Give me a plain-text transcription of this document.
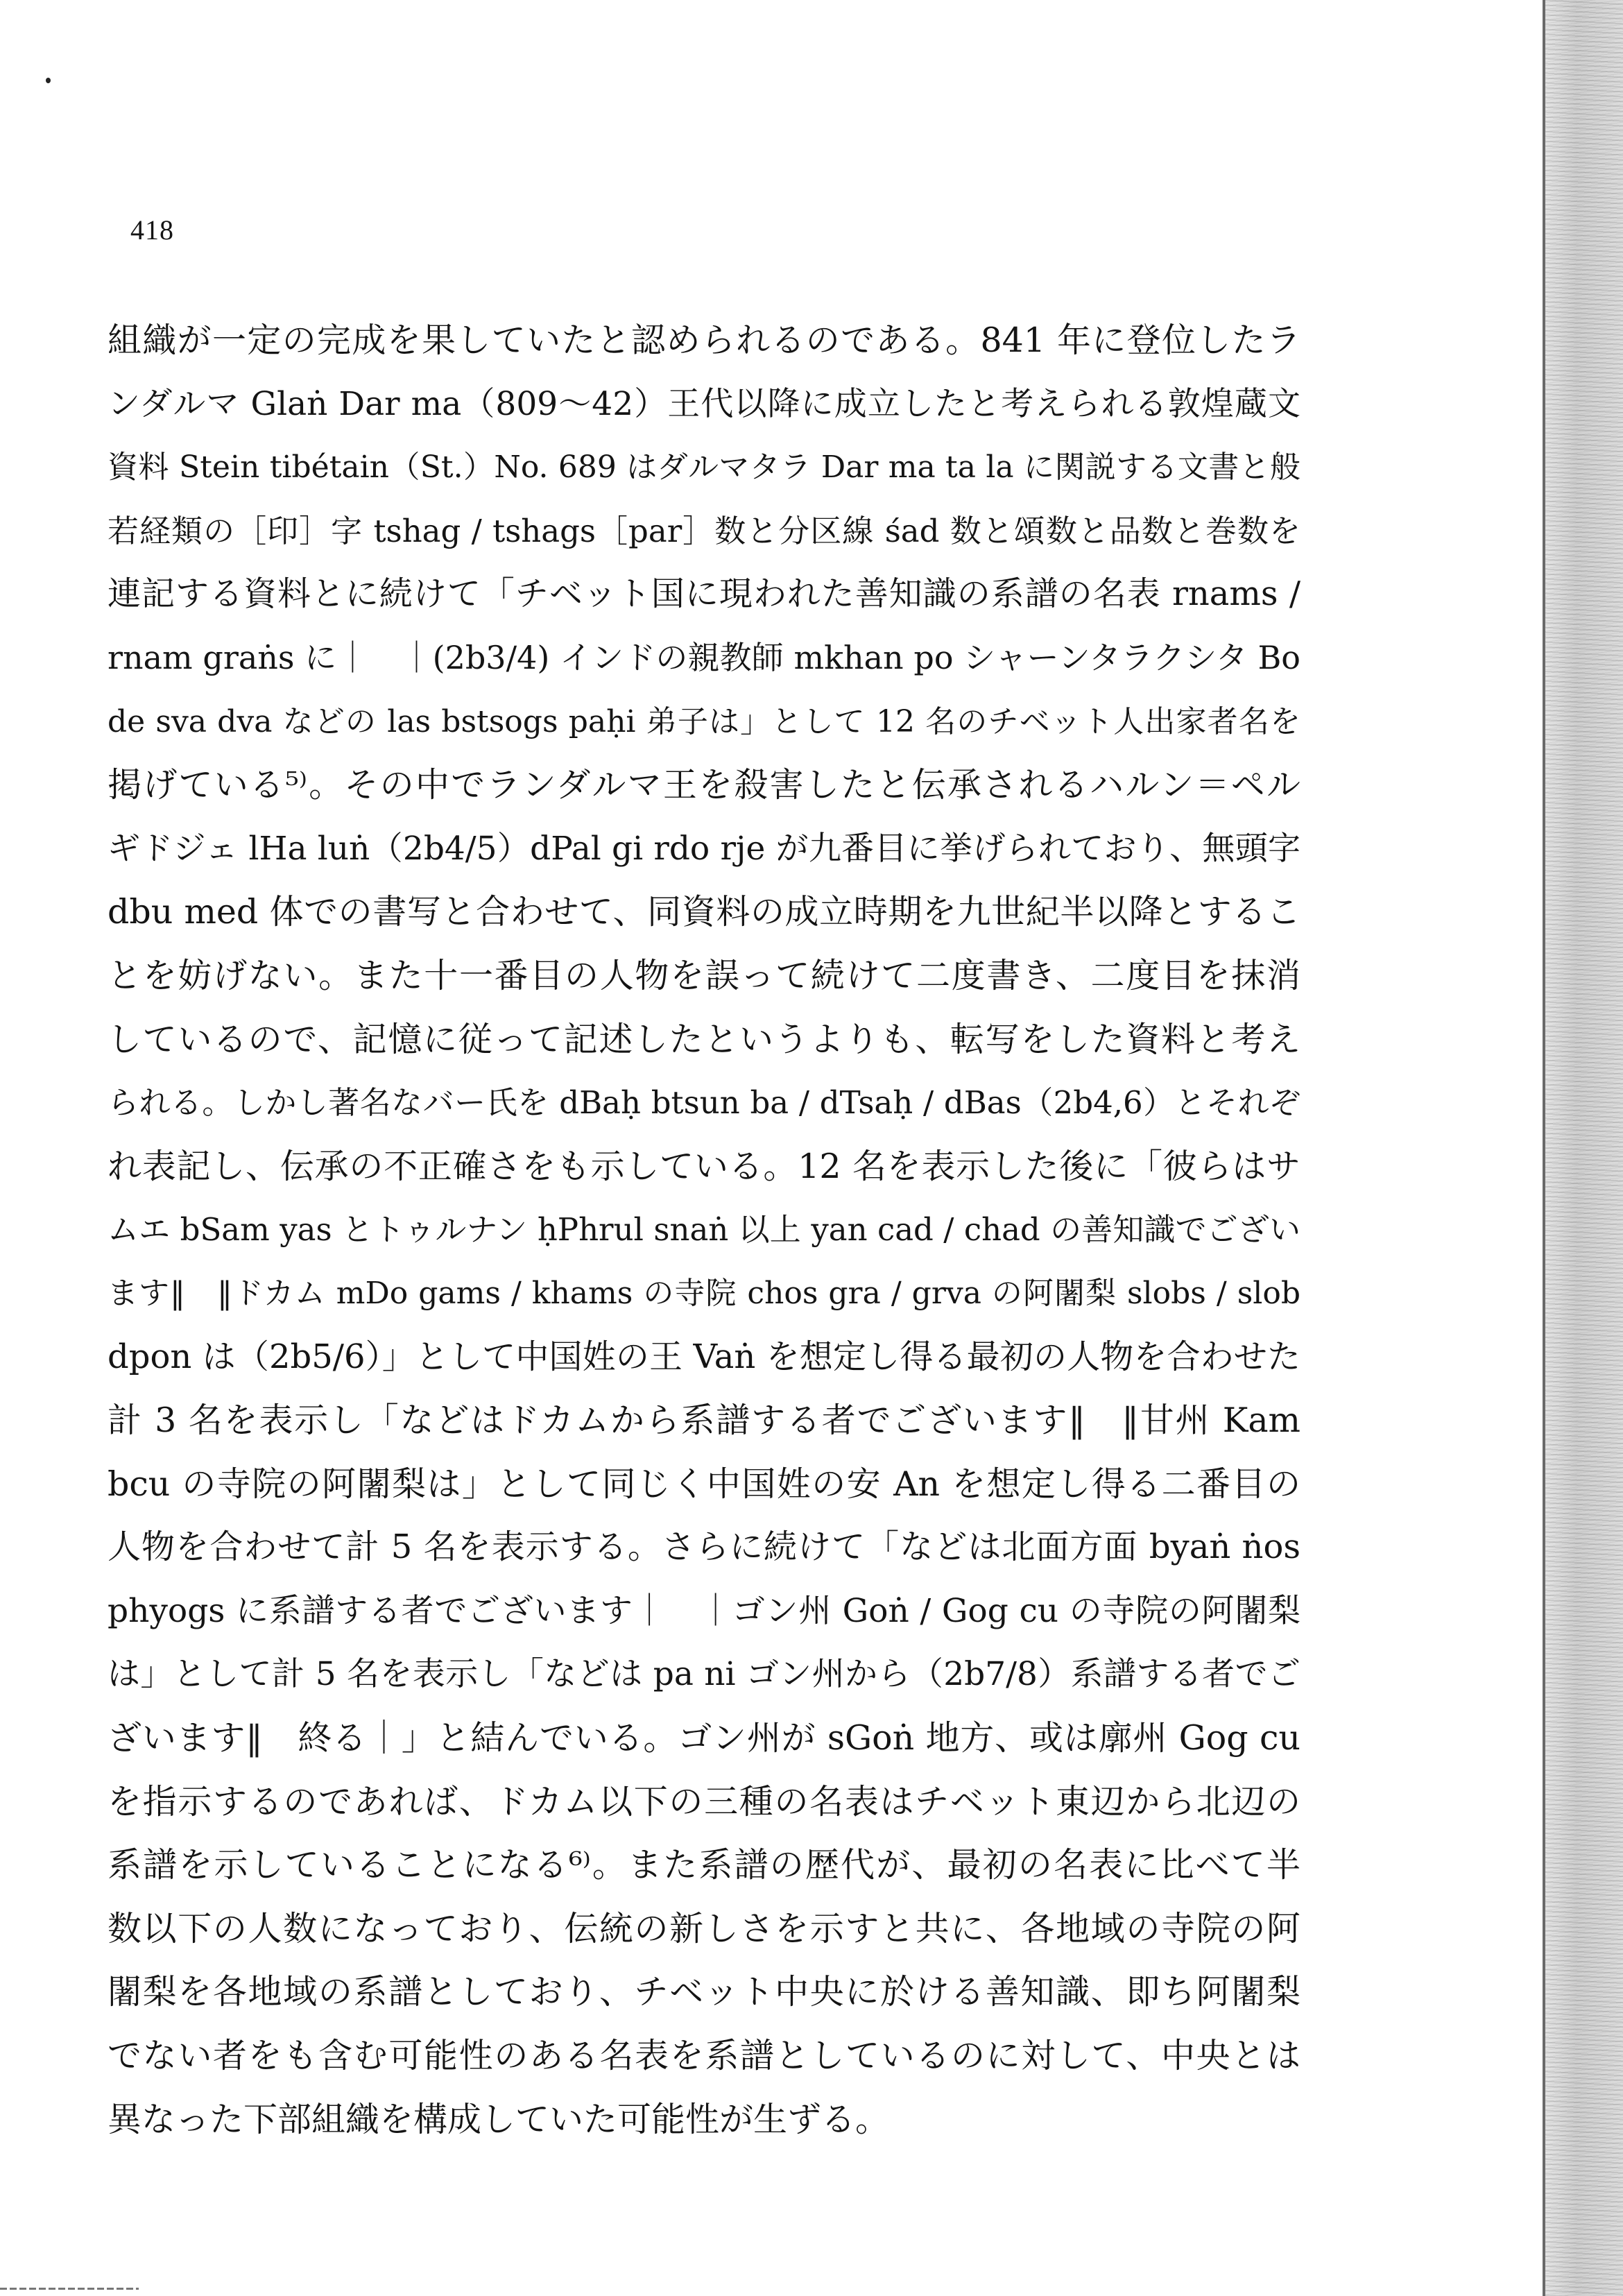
418
組織が一定の完成を果していたと認められるのである。841 年に登位したラ
ンダルマ Glaṅ Dar ma（809〜42）王代以降に成立したと考えられる敦煌蔵文
資料 Stein tibétain（St.）No. 689 はダルマタラ Dar ma ta la に関説する文書と般
若経類の［印］字 tshag / tshags［par］数と分区線 śad 数と頌数と品数と巻数を
連記する資料とに続けて「チベット国に現われた善知識の系譜の名表 rnams /
rnam graṅs に｜　｜(2b3/4) インドの親教師 mkhan po シャーンタラクシタ Bo
de sva dva などの las bstsogs paḥi 弟子は」として 12 名のチベット人出家者名を
掲げている⁵⁾。その中でランダルマ王を殺害したと伝承されるハルン＝ペル
ギドジェ lHa luṅ（2b4/5）dPal gi rdo rje が九番目に挙げられており、無頭字
dbu med 体での書写と合わせて、同資料の成立時期を九世紀半以降とするこ
とを妨げない。また十一番目の人物を誤って続けて二度書き、二度目を抹消
しているので、記憶に従って記述したというよりも、転写をした資料と考え
られる。しかし著名なバー氏を dBaḥ btsun ba / dTsaḥ / dBas（2b4,6）とそれぞ
れ表記し、伝承の不正確さをも示している。12 名を表示した後に「彼らはサ
ムエ bSam yas とトゥルナン ḥPhrul snaṅ 以上 yan cad / chad の善知識でござい
ます‖　‖ドカム mDo gams / khams の寺院 chos gra / grva の阿闍梨 slobs / slob
dpon は（2b5/6）」として中国姓の王 Vaṅ を想定し得る最初の人物を合わせた
計 3 名を表示し「などはドカムから系譜する者でございます‖　‖甘州 Kam
bcu の寺院の阿闍梨は」として同じく中国姓の安 An を想定し得る二番目の
人物を合わせて計 5 名を表示する。さらに続けて「などは北面方面 byaṅ ṅos
phyogs に系譜する者でございます｜　｜ゴン州 Goṅ / Gog cu の寺院の阿闍梨
は」として計 5 名を表示し「などは pa ni ゴン州から（2b7/8）系譜する者でご
ざいます‖　終る｜」と結んでいる。ゴン州が sGoṅ 地方、或は廓州 Gog cu
を指示するのであれば、ドカム以下の三種の名表はチベット東辺から北辺の
系譜を示していることになる⁶⁾。また系譜の歴代が、最初の名表に比べて半
数以下の人数になっており、伝統の新しさを示すと共に、各地域の寺院の阿
闍梨を各地域の系譜としており、チベット中央に於ける善知識、即ち阿闍梨
でない者をも含む可能性のある名表を系譜としているのに対して、中央とは
異なった下部組織を構成していた可能性が生ずる。
